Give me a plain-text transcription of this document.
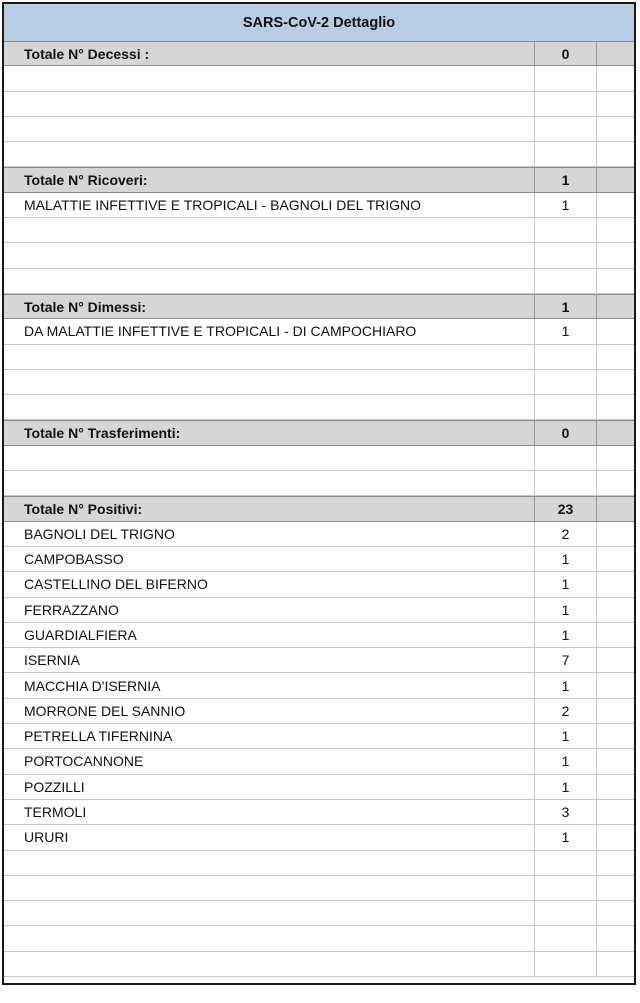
SARS-CoV-2 Dettaglio
Totale N° Decessi :	0
Totale N° Ricoveri:	1
MALATTIE INFETTIVE E TROPICALI - BAGNOLI DEL TRIGNO	1
Totale N° Dimessi:	1
DA MALATTIE INFETTIVE E TROPICALI - DI CAMPOCHIARO	1
Totale N° Trasferimenti:	0
Totale N° Positivi:	23
BAGNOLI DEL TRIGNO	2
CAMPOBASSO	1
CASTELLINO DEL BIFERNO	1
FERRAZZANO	1
GUARDIALFIERA	1
ISERNIA	7
MACCHIA D'ISERNIA	1
MORRONE DEL SANNIO	2
PETRELLA TIFERNINA	1
PORTOCANNONE	1
POZZILLI	1
TERMOLI	3
URURI	1
